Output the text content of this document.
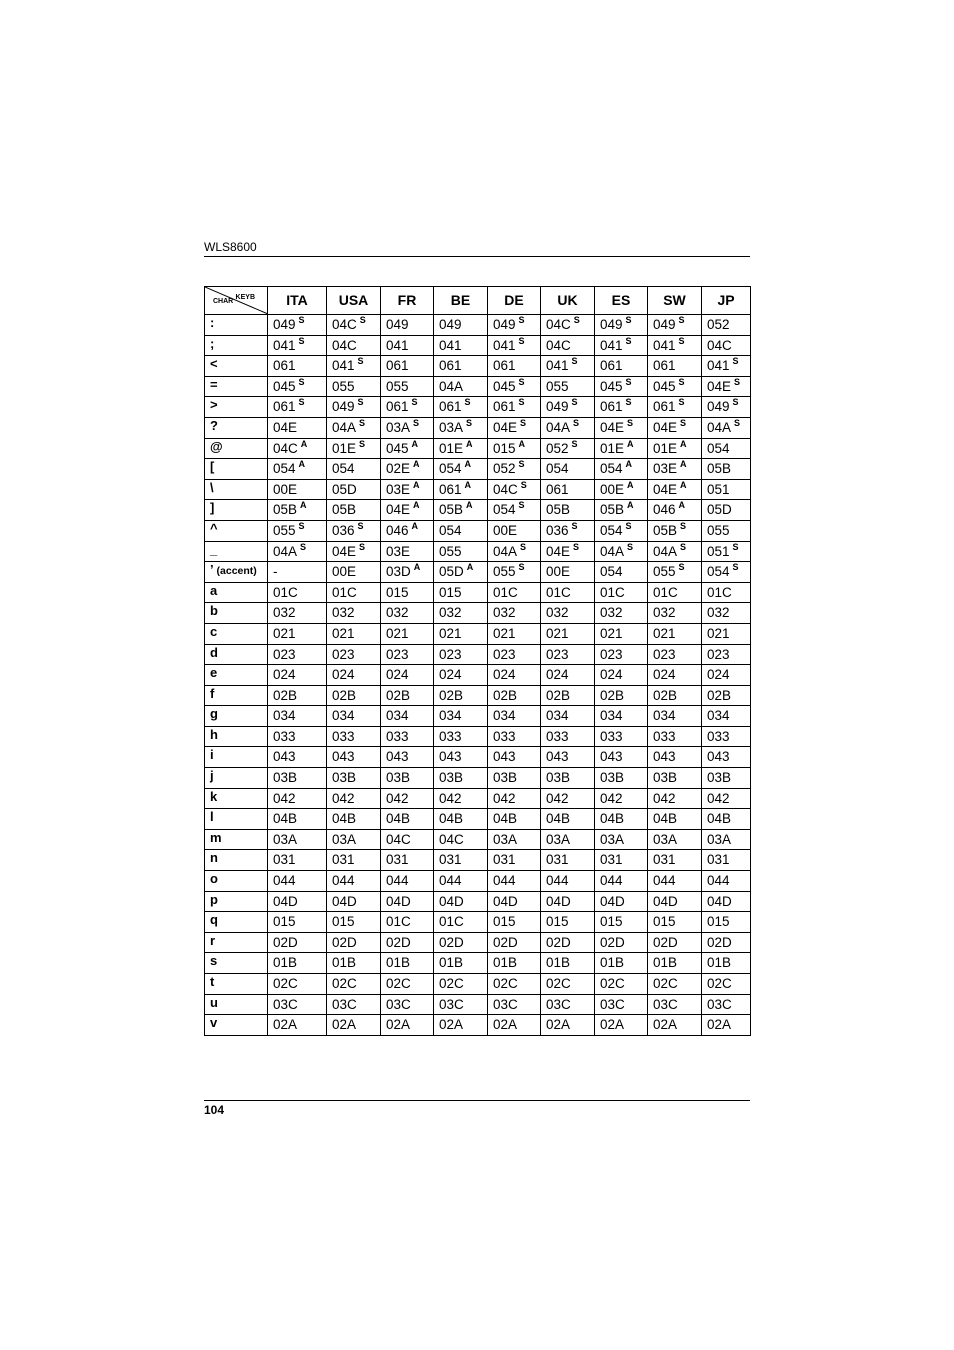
WLS8600
KEYB
CHAR	ITA	USA	FR	BE	DE	UK	ES	SW	JP
:	049 $^S$	04C $^S$	049	049	049 $^S$	04C $^S$	049 $^S$	049 $^S$	052
;	041 $^S$	04C	041	041	041 $^S$	04C	041 $^S$	041 $^S$	04C
<	061	041 $^S$	061	061	061	041 $^S$	061	061	041 $^S$
=	045 $^S$	055	055	04A	045 $^S$	055	045 $^S$	045 $^S$	04E $^S$
>	061 $^S$	049 $^S$	061 $^S$	061 $^S$	061 $^S$	049 $^S$	061 $^S$	061 $^S$	049 $^S$
?	04E	04A $^S$	03A $^S$	03A $^S$	04E $^S$	04A $^S$	04E $^S$	04E $^S$	04A $^S$
@	04C $^A$	01E $^S$	045 $^A$	01E $^A$	015 $^A$	052 $^S$	01E $^A$	01E $^A$	054
[	054 $^A$	054	02E $^A$	054 $^A$	052 $^S$	054	054 $^A$	03E $^A$	05B
\	00E	05D	03E $^A$	061 $^A$	04C $^S$	061	00E $^A$	04E $^A$	051
]	05B $^A$	05B	04E $^A$	05B $^A$	054 $^S$	05B	05B $^A$	046 $^A$	05D
^	055 $^S$	036 $^S$	046 $^A$	054	00E	036 $^S$	054 $^S$	05B $^S$	055
_	04A $^S$	04E $^S$	03E	055	04A $^S$	04E $^S$	04A $^S$	04A $^S$	051 $^S$
’ (accent)	-	00E	03D $^A$	05D $^A$	055 $^S$	00E	054	055 $^S$	054 $^S$
a	01C	01C	015	015	01C	01C	01C	01C	01C
b	032	032	032	032	032	032	032	032	032
c	021	021	021	021	021	021	021	021	021
d	023	023	023	023	023	023	023	023	023
e	024	024	024	024	024	024	024	024	024
f	02B	02B	02B	02B	02B	02B	02B	02B	02B
g	034	034	034	034	034	034	034	034	034
h	033	033	033	033	033	033	033	033	033
i	043	043	043	043	043	043	043	043	043
j	03B	03B	03B	03B	03B	03B	03B	03B	03B
k	042	042	042	042	042	042	042	042	042
l	04B	04B	04B	04B	04B	04B	04B	04B	04B
m	03A	03A	04C	04C	03A	03A	03A	03A	03A
n	031	031	031	031	031	031	031	031	031
o	044	044	044	044	044	044	044	044	044
p	04D	04D	04D	04D	04D	04D	04D	04D	04D
q	015	015	01C	01C	015	015	015	015	015
r	02D	02D	02D	02D	02D	02D	02D	02D	02D
s	01B	01B	01B	01B	01B	01B	01B	01B	01B
t	02C	02C	02C	02C	02C	02C	02C	02C	02C
u	03C	03C	03C	03C	03C	03C	03C	03C	03C
v	02A	02A	02A	02A	02A	02A	02A	02A	02A
104
